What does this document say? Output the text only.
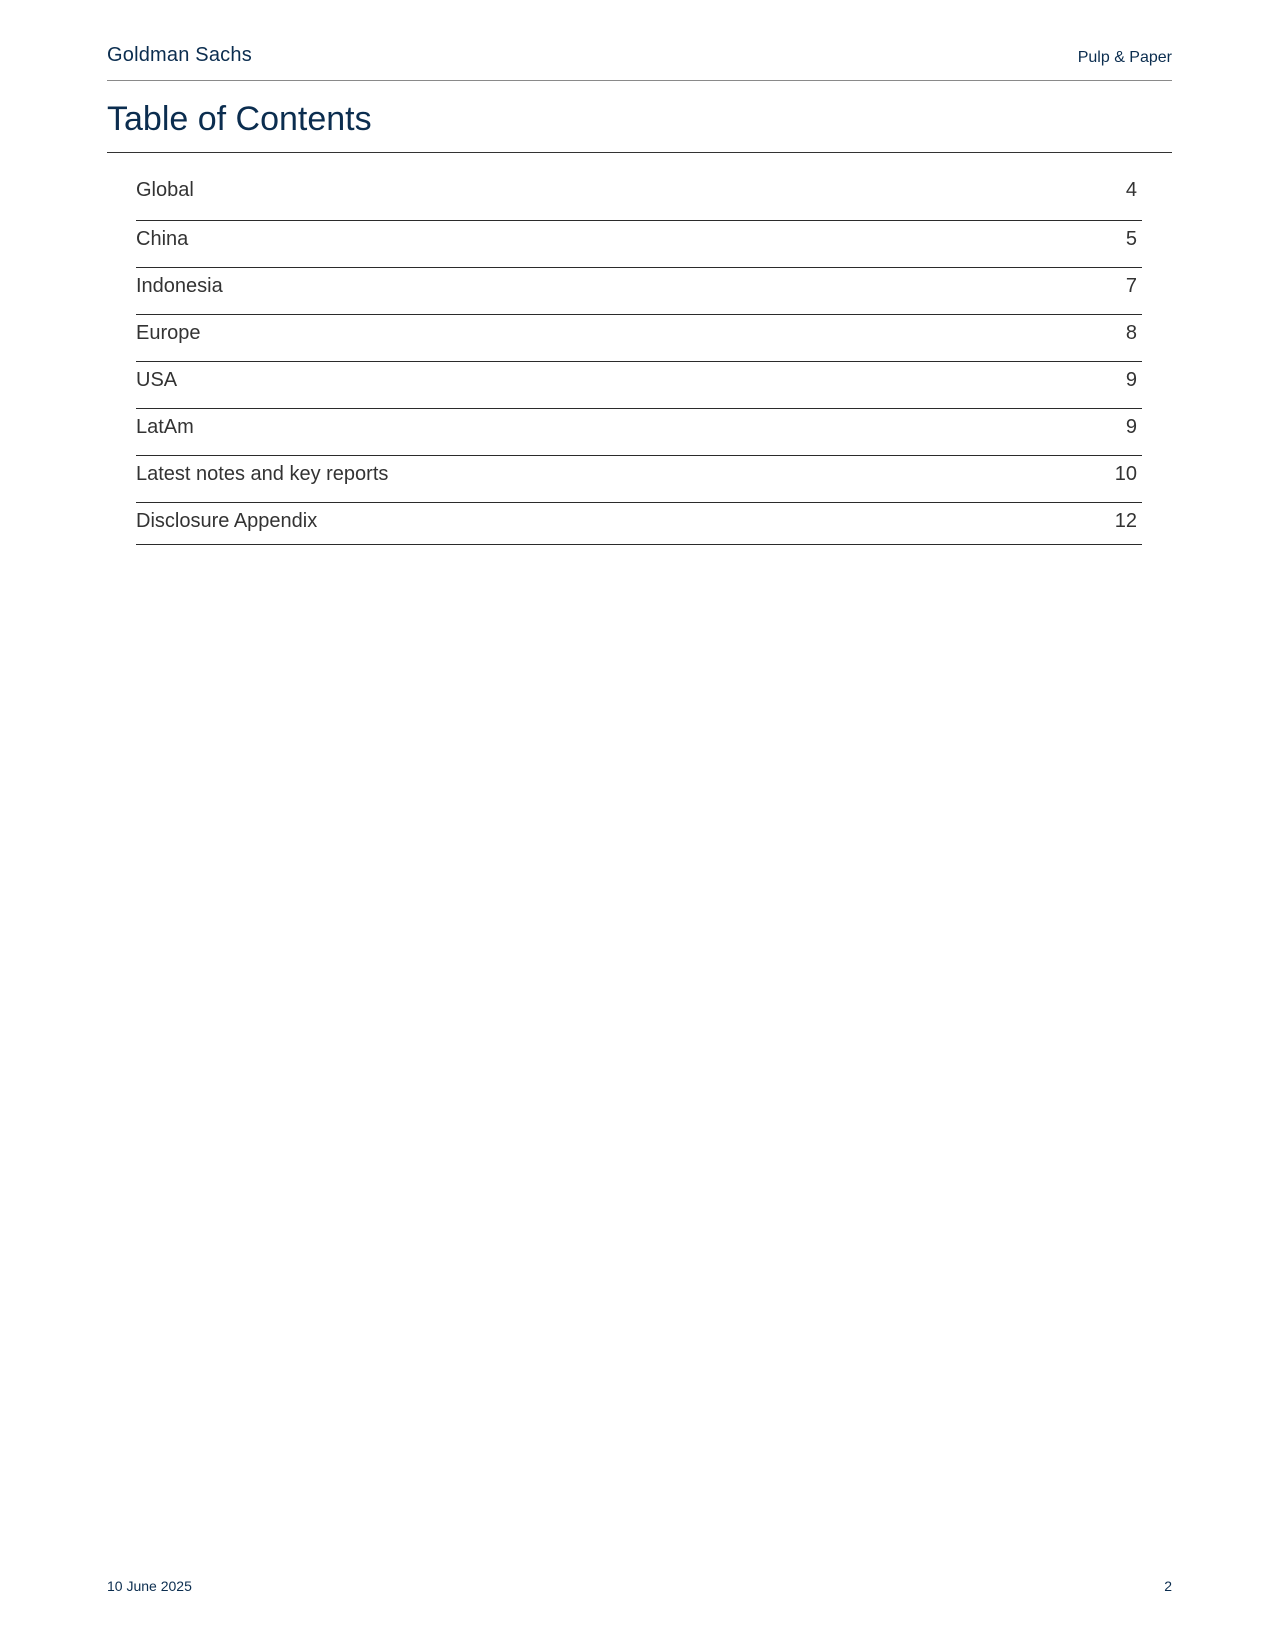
Goldman Sachs	Pulp & Paper
Table of Contents
Global	4
China	5
Indonesia	7
Europe	8
USA	9
LatAm	9
Latest notes and key reports	10
Disclosure Appendix	12
10 June 2025	2
